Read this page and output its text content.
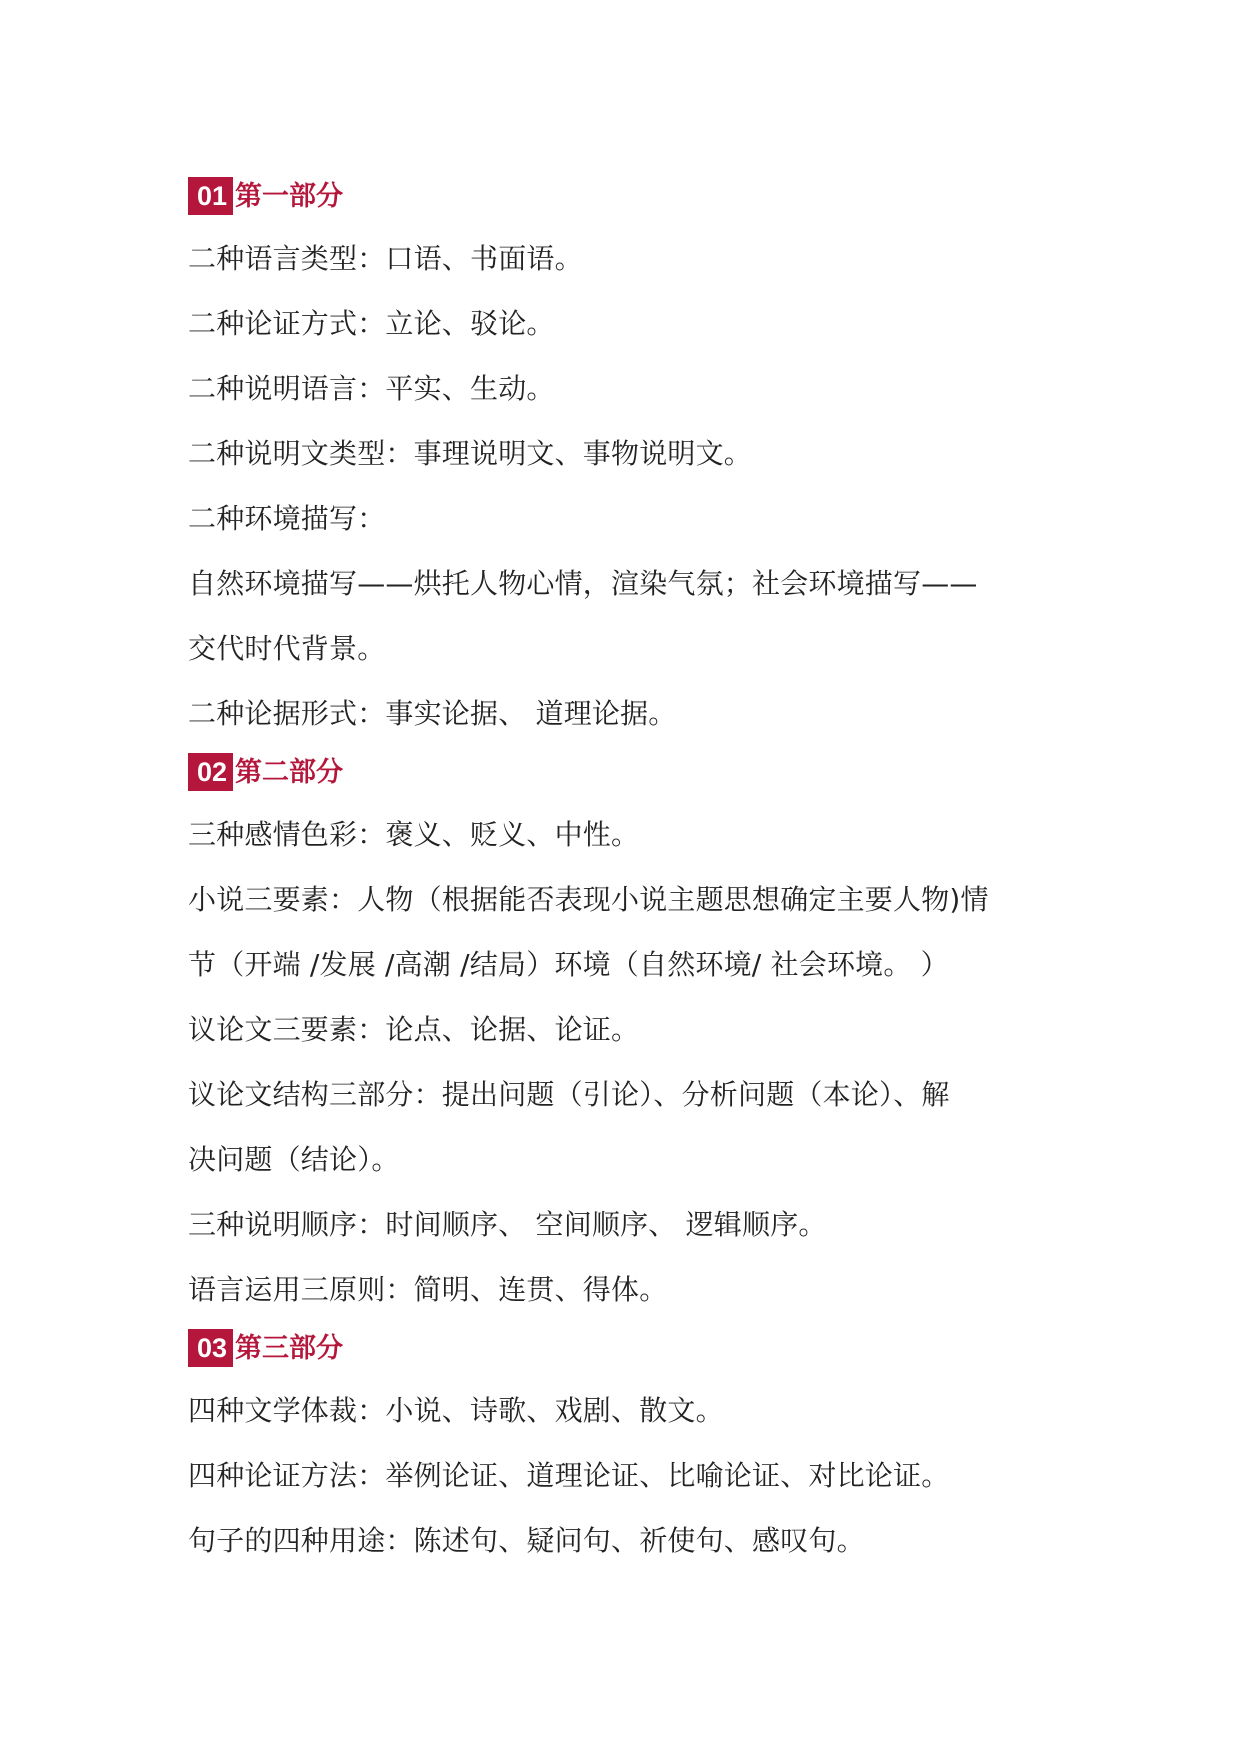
01 第一部分
二种语言类型：口语、书面语。
二种论证方式：立论、驳论。
二种说明语言：平实、生动。
二种说明文类型：事理说明文、事物说明文。
二种环境描写：
自然环境描写——烘托人物心情，渲染气氛；社会环境描写——
交代时代背景。
二种论据形式：事实论据、 道理论据。
02 第二部分
三种感情色彩：褒义、贬义、中性。
小说三要素：人物（根据能否表现小说主题思想确定主要人物)情
节（开端 /发展 /高潮 /结局）环境（自然环境/ 社会环境。 ）
议论文三要素：论点、论据、论证。
议论文结构三部分：提出问题（引论）、分析问题（本论）、解
决问题（结论）。
三种说明顺序：时间顺序、 空间顺序、 逻辑顺序。
语言运用三原则：简明、连贯、得体。
03 第三部分
四种文学体裁：小说、诗歌、戏剧、散文。
四种论证方法：举例论证、道理论证、比喻论证、对比论证。
句子的四种用途：陈述句、疑问句、祈使句、感叹句。
